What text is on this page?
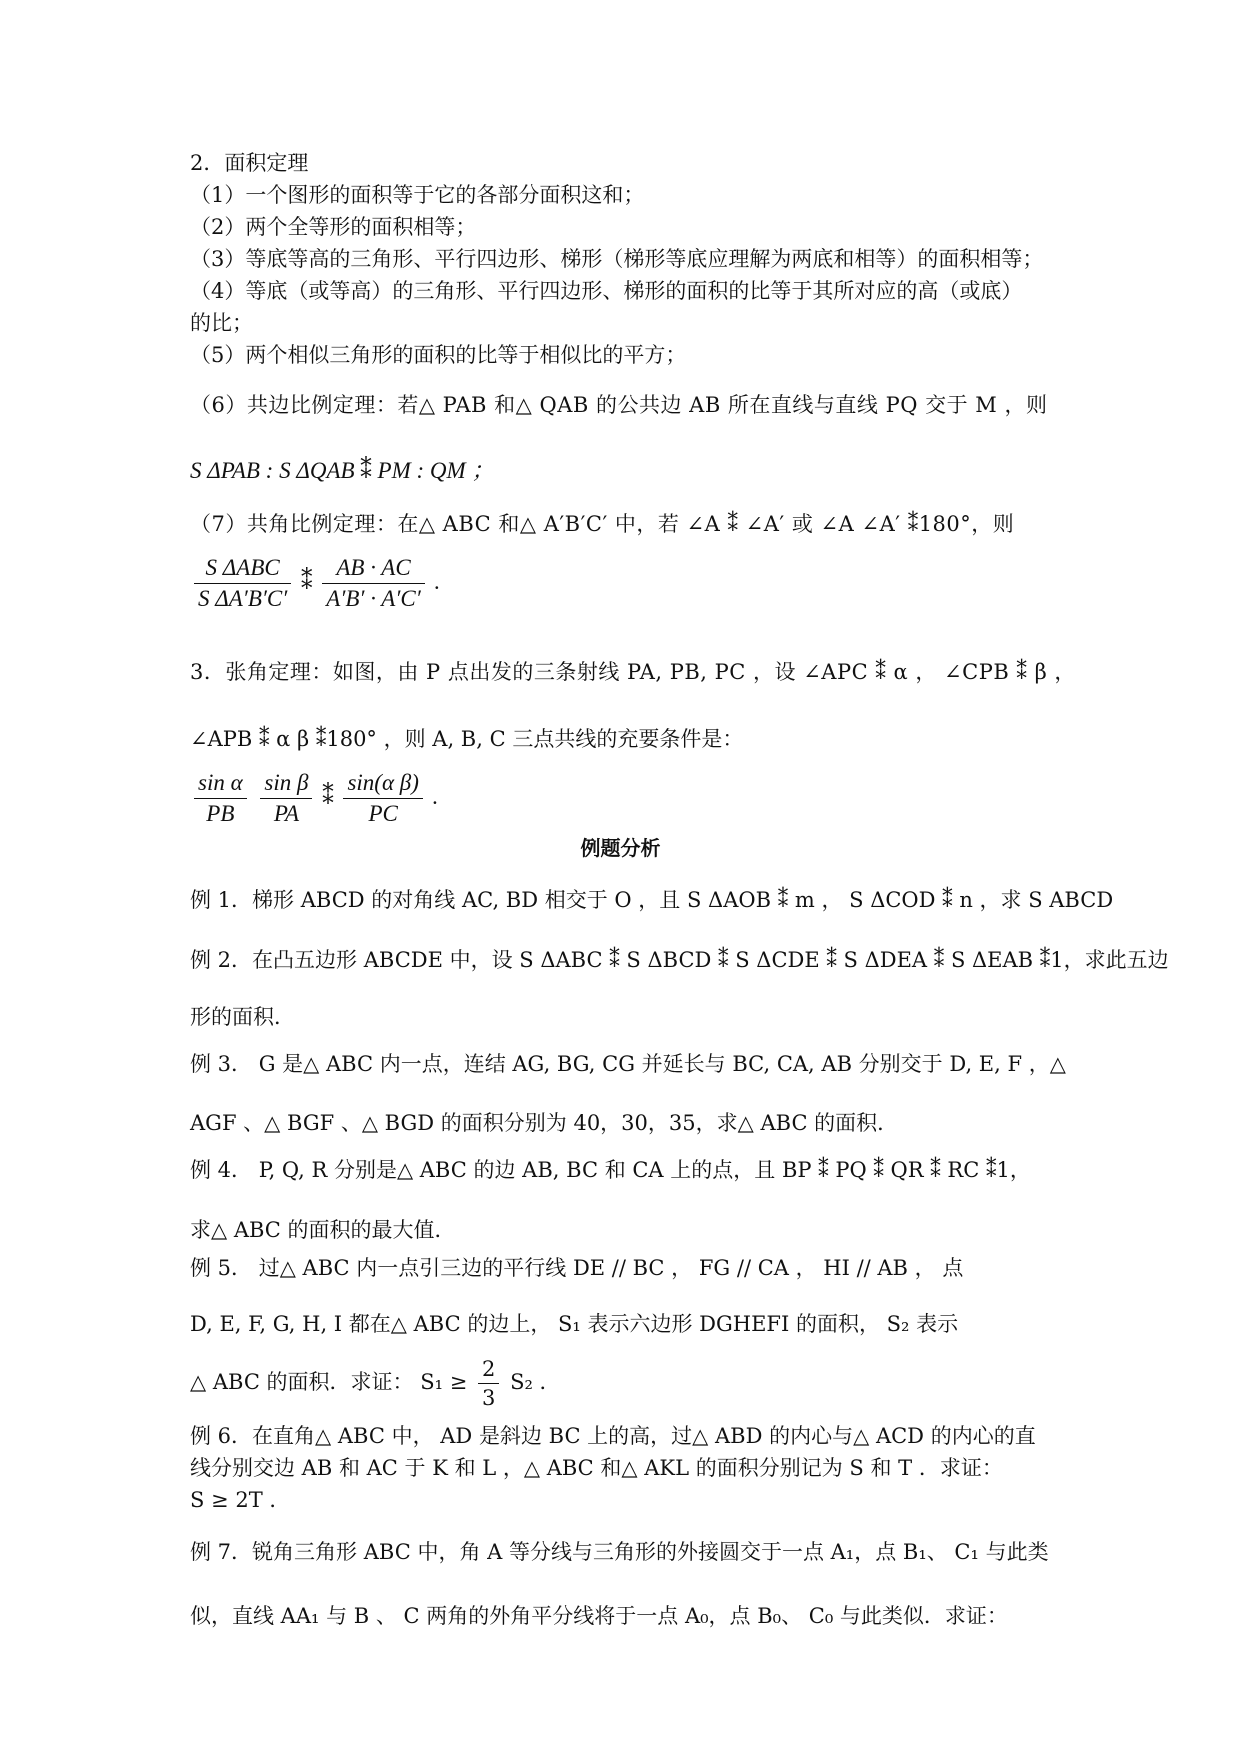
2．面积定理
（1）一个图形的面积等于它的各部分面积这和；
（2）两个全等形的面积相等；
（3）等底等高的三角形、平行四边形、梯形（梯形等底应理解为两底和相等）的面积相等；
（4）等底（或等高）的三角形、平行四边形、梯形的面积的比等于其所对应的高（或底）
的比；
（5）两个相似三角形的面积的比等于相似比的平方；
（6）共边比例定理：若△ PAB 和△ QAB 的公共边 AB 所在直线与直线 PQ 交于 M ，则
S ΔPAB : S ΔQAB ⁑ PM : QM ；
（7）共角比例定理：在△ ABC 和△ A′B′C′ 中，若 ∠A ⁑ ∠A′ 或 ∠A ∠A′ ⁑180°，则
$\frac{\text{S ΔABC}}{\text{S ΔA′B′C′}}$ ⁑ $\frac{AB \cdot AC}{A'B' \cdot A'C'}$ .
3．张角定理：如图，由 P 点出发的三条射线 PA, PB, PC ，设 ∠APC ⁑ α ， ∠CPB ⁑ β ，
∠APB ⁑ α β ⁑180° ，则 A, B, C 三点共线的充要条件是：
$\frac{\text{sin α}}{PB}$
$\frac{\text{sin β}}{PA}$ ⁑ $\frac{\text{sin(α β)}}{PC}$ .
例题分析
例 1．梯形 ABCD 的对角线 AC, BD 相交于 O ，且 S ΔAOB ⁑ m ， S ΔCOD ⁑ n ，求 S ABCD
例 2．在凸五边形 ABCDE 中，设 S ΔABC ⁑ S ΔBCD ⁑ S ΔCDE ⁑ S ΔDEA ⁑ S ΔEAB ⁑1，求此五边
形的面积．
例 3． G 是△ ABC 内一点，连结 AG, BG, CG 并延长与 BC, CA, AB 分别交于 D, E, F ，△
AGF 、△ BGF 、△ BGD 的面积分别为 40，30，35，求△ ABC 的面积．
例 4． P, Q, R 分别是△ ABC 的边 AB, BC 和 CA 上的点，且 BP ⁑ PQ ⁑ QR ⁑ RC ⁑1，
求△ ABC 的面积的最大值．
例 5． 过△ ABC 内一点引三边的平行线 DE // BC ， FG // CA ， HI // AB ， 点
D, E, F, G, H, I 都在△ ABC 的边上， S₁ 表示六边形 DGHEFI 的面积， S₂ 表示
△ ABC 的面积．求证： $S_1 \ge \frac{2}{3} S_2$ ．
例 6．在直角△ ABC 中， AD 是斜边 BC 上的高，过△ ABD 的内心与△ ACD 的内心的直
线分别交边 AB 和 AC 于 K 和 L ，△ ABC 和△ AKL 的面积分别记为 S 和 T ．求证：
S ≥ 2T ．
例 7．锐角三角形 ABC 中，角 A 等分线与三角形的外接圆交于一点 A₁，点 B₁、 C₁ 与此类
似，直线 AA₁ 与 B 、 C 两角的外角平分线将于一点 A₀，点 B₀、 C₀ 与此类似．求证：
